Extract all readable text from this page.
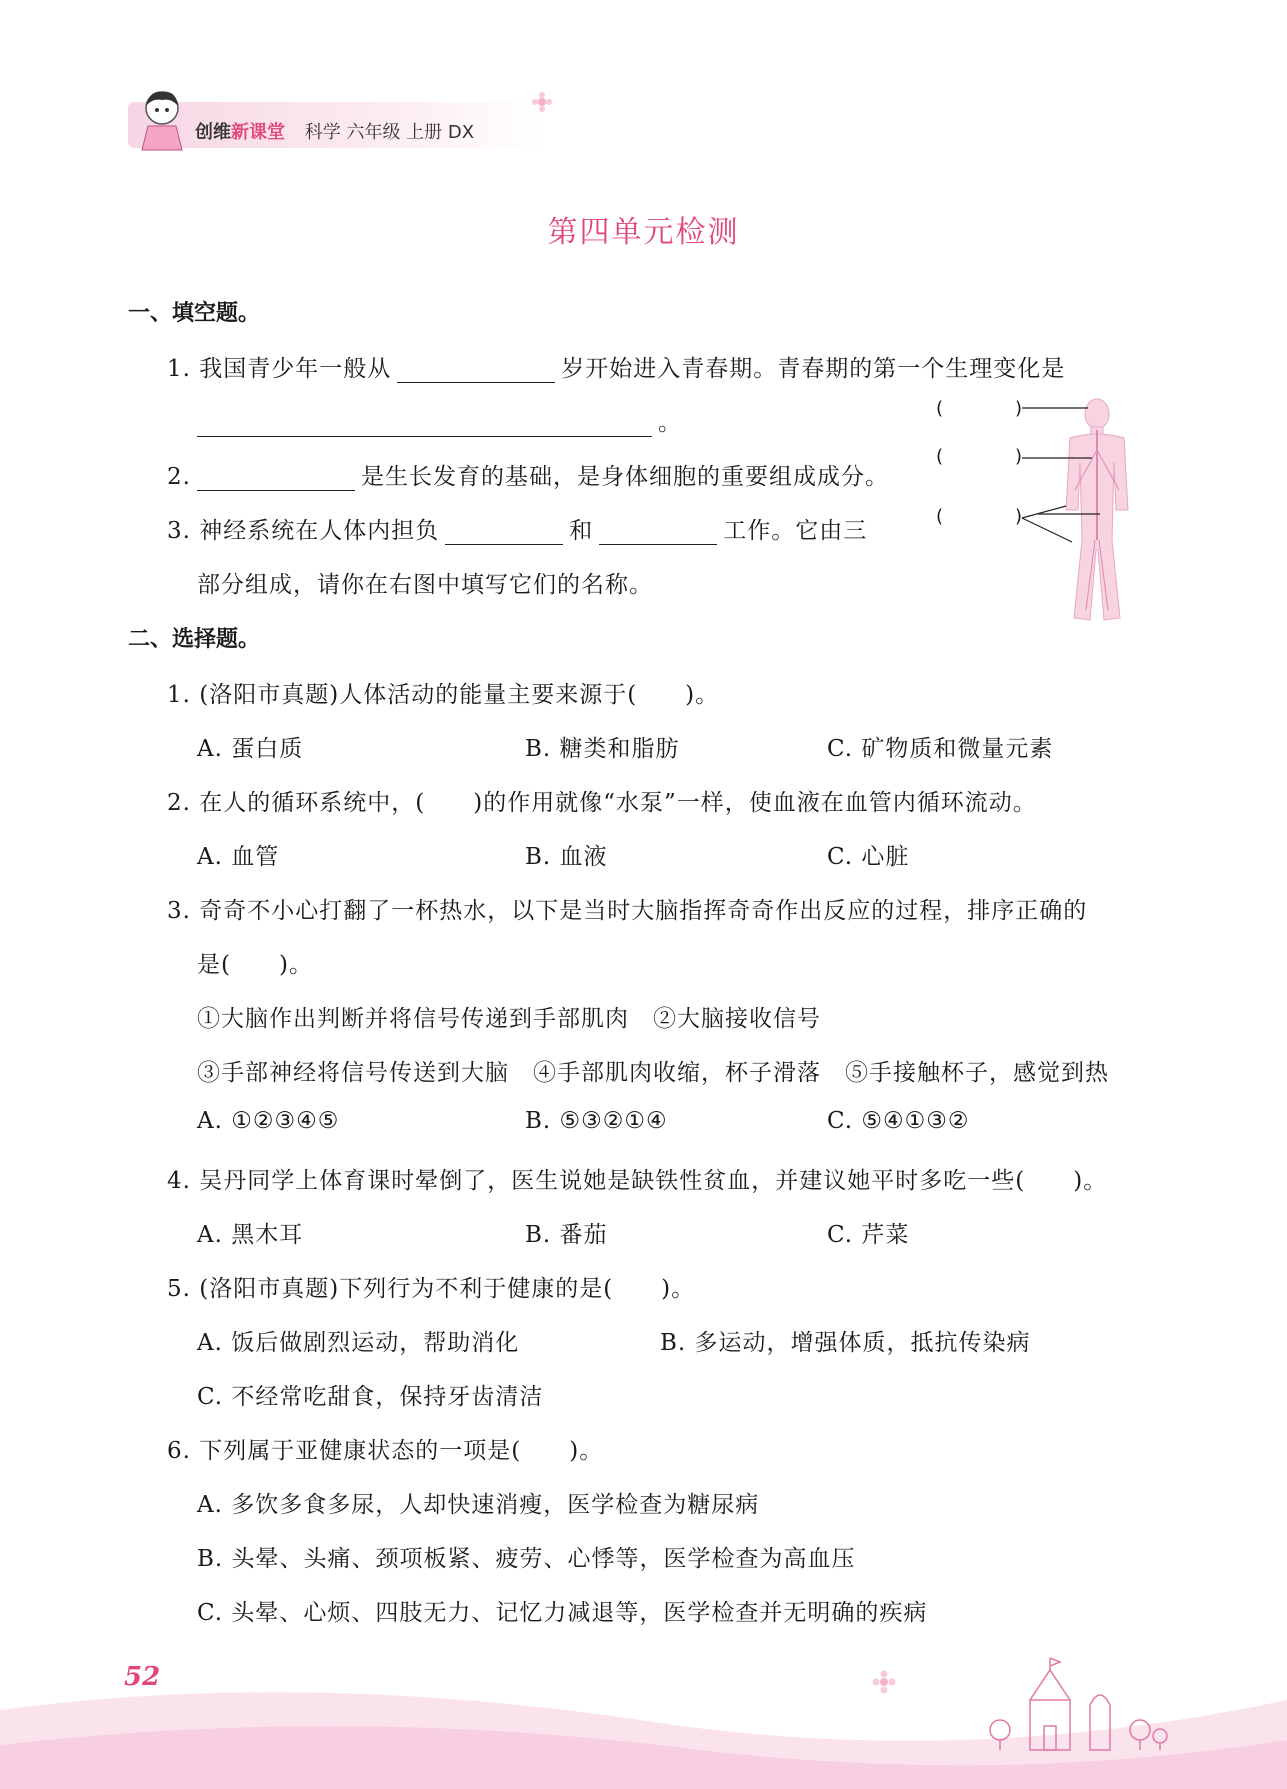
创维新课堂 科学 六年级 上册 DX
第四单元检测
一、填空题。
1. 我国青少年一般从	岁开始进入青春期。青春期的第一个生理变化是
。
2.	是生长发育的基础，是身体细胞的重要组成成分。
3. 神经系统在人体内担负	和	工作。它由三
部分组成，请你在右图中填写它们的名称。
(	)
(	)
(	)
二、选择题。
1. (洛阳市真题)人体活动的能量主要来源于(　　)。
A. 蛋白质	B. 糖类和脂肪	C. 矿物质和微量元素
2. 在人的循环系统中，(　　)的作用就像“水泵”一样，使血液在血管内循环流动。
A. 血管	B. 血液	C. 心脏
3. 奇奇不小心打翻了一杯热水，以下是当时大脑指挥奇奇作出反应的过程，排序正确的
是(　　)。
①大脑作出判断并将信号传递到手部肌肉　②大脑接收信号
③手部神经将信号传送到大脑　④手部肌肉收缩，杯子滑落　⑤手接触杯子，感觉到热
A. ①②③④⑤	B. ⑤③②①④	C. ⑤④①③②
4. 吴丹同学上体育课时晕倒了，医生说她是缺铁性贫血，并建议她平时多吃一些(　　)。
A. 黑木耳	B. 番茄	C. 芹菜
5. (洛阳市真题)下列行为不利于健康的是(　　)。
A. 饭后做剧烈运动，帮助消化	B. 多运动，增强体质，抵抗传染病
C. 不经常吃甜食，保持牙齿清洁
6. 下列属于亚健康状态的一项是(　　)。
A. 多饮多食多尿，人却快速消瘦，医学检查为糖尿病
B. 头晕、头痛、颈项板紧、疲劳、心悸等，医学检查为高血压
C. 头晕、心烦、四肢无力、记忆力减退等，医学检查并无明确的疾病
52
